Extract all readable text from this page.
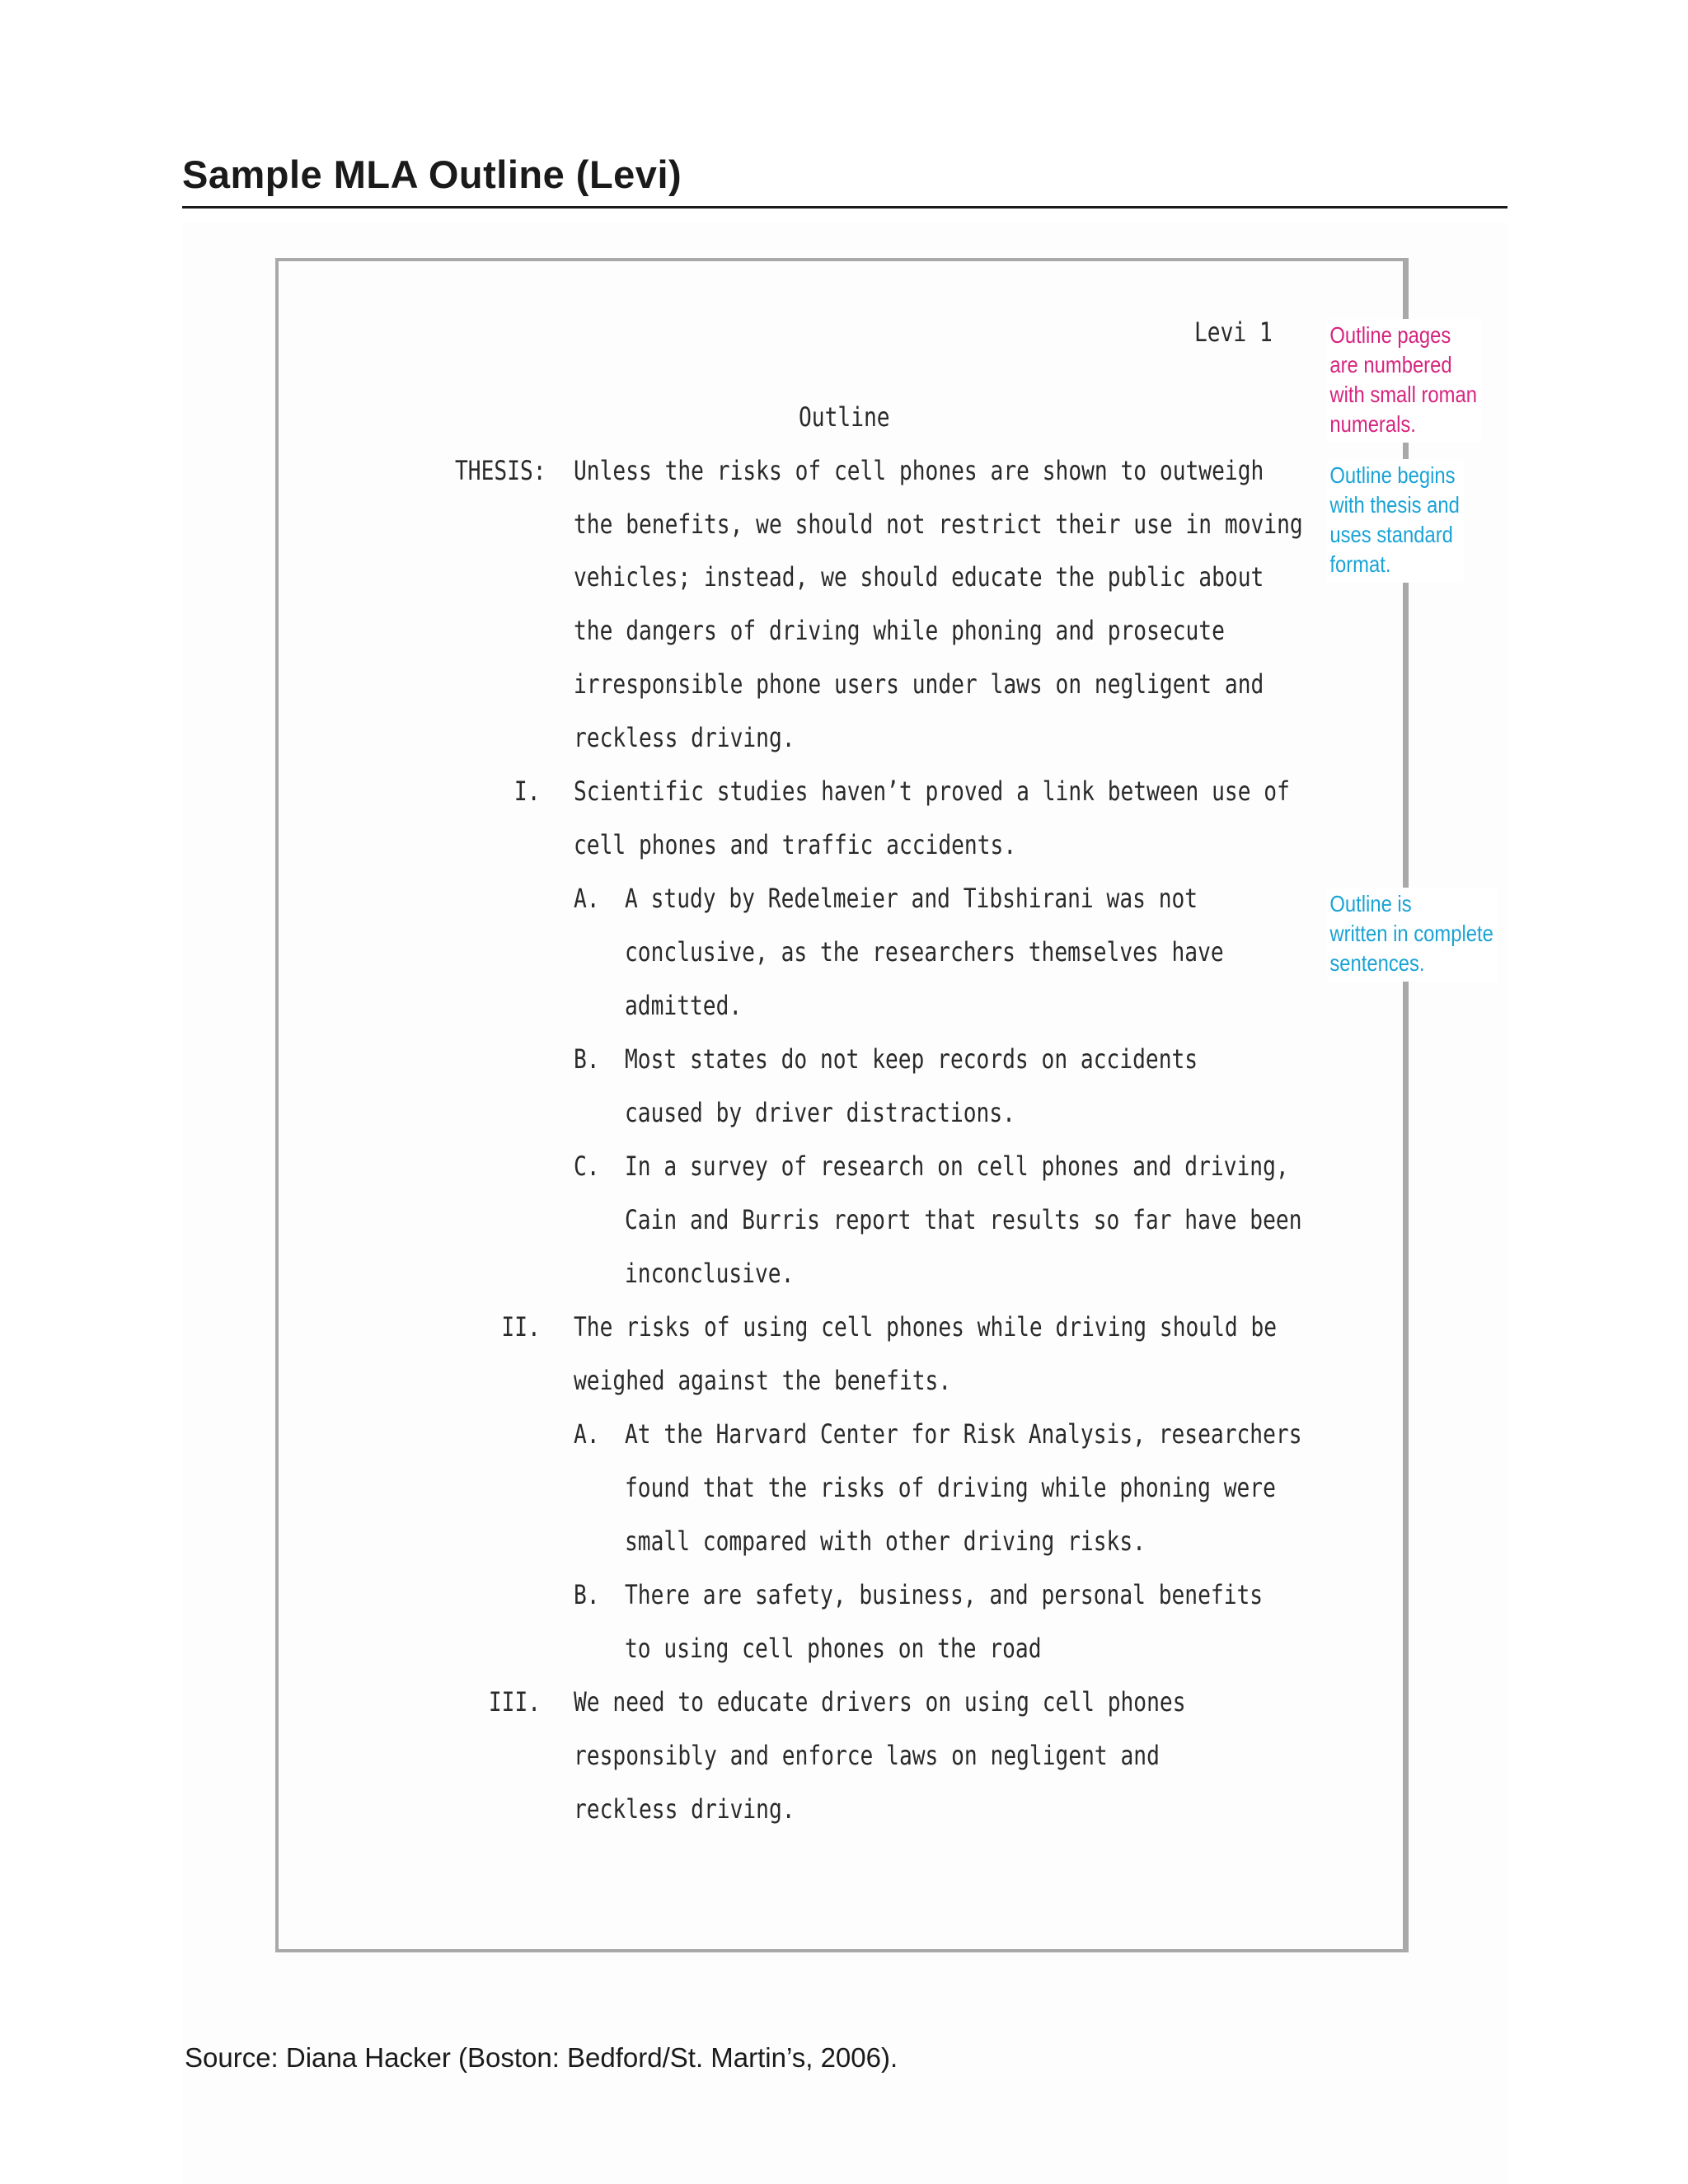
Sample MLA Outline (Levi)
Levi 1
Outline
THESIS: Unless the risks of cell phones are shown to outweigh
the benefits, we should not restrict their use in moving
vehicles; instead, we should educate the public about
the dangers of driving while phoning and prosecute
irresponsible phone users under laws on negligent and
reckless driving.
I. Scientific studies haven’t proved a link between use of
cell phones and traffic accidents.
A. A study by Redelmeier and Tibshirani was not
conclusive, as the researchers themselves have
admitted.
B. Most states do not keep records on accidents
caused by driver distractions.
C. In a survey of research on cell phones and driving,
Cain and Burris report that results so far have been
inconclusive.
II. The risks of using cell phones while driving should be
weighed against the benefits.
A. At the Harvard Center for Risk Analysis, researchers
found that the risks of driving while phoning were
small compared with other driving risks.
B. There are safety, business, and personal benefits
to using cell phones on the road
III. We need to educate drivers on using cell phones
responsibly and enforce laws on negligent and
reckless driving.
Outline pages
are numbered
with small roman
numerals.
Outline begins
with thesis and
uses standard
format.
Outline is
written in complete
sentences.
Source: Diana Hacker (Boston: Bedford/St. Martin’s, 2006).
